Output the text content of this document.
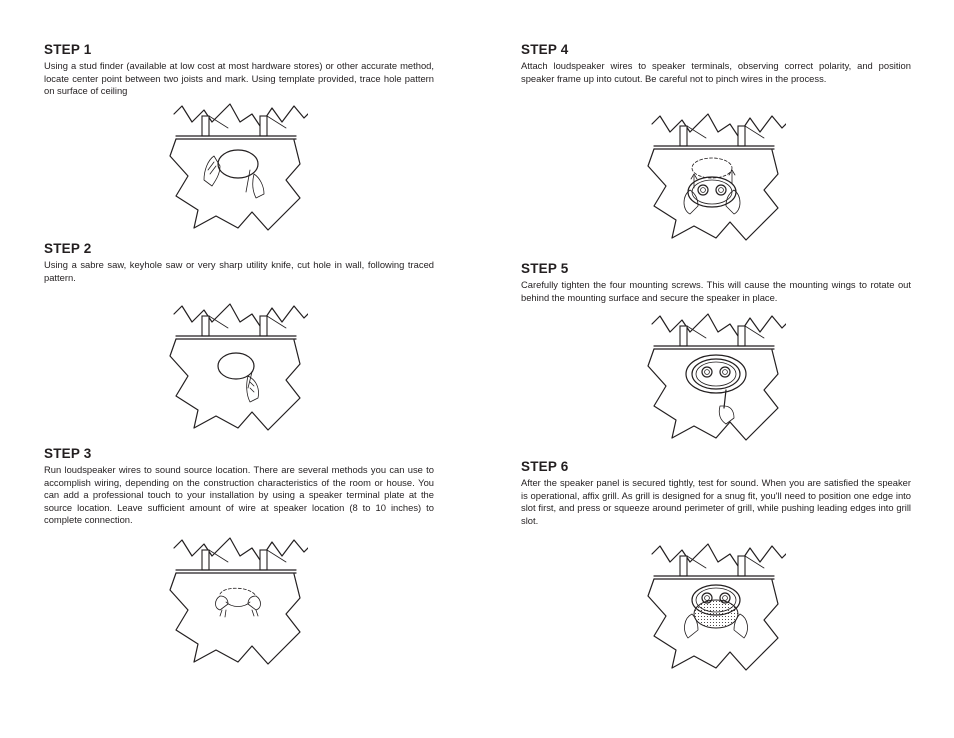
STEP 1

Using a stud finder (available at low cost at most hardware stores) or other accurate method, locate center point between two joists and mark. Using template provided, trace hole pattern on surface of ceiling

STEP 2

Using a sabre saw, keyhole saw or very sharp utility knife, cut hole in wall, following traced pattern.

STEP 3

Run loudspeaker wires to sound source location. There are several methods you can use to accomplish wiring, depending on the construction characteristics of the room or house. You can add a professional touch to your installation by using a speaker terminal plate at the source location. Leave sufficient amount of wire at speaker location (8 to 10 inches) to complete connection.

STEP 4

Attach loudspeaker wires to speaker terminals, observing correct polarity, and position speaker frame up into cutout. Be careful not to pinch wires in the process.

STEP 5

Carefully tighten the four mounting screws. This will cause the mounting wings to rotate out behind the mounting surface and secure the speaker in place.

STEP 6

After the speaker panel is secured tightly, test for sound. When you are satisfied the speaker is operational, affix grill. As grill is designed for a snug fit, you'll need to position one edge into slot first, and press or squeeze around perimeter of grill, while pushing leading edges into grill slot.
